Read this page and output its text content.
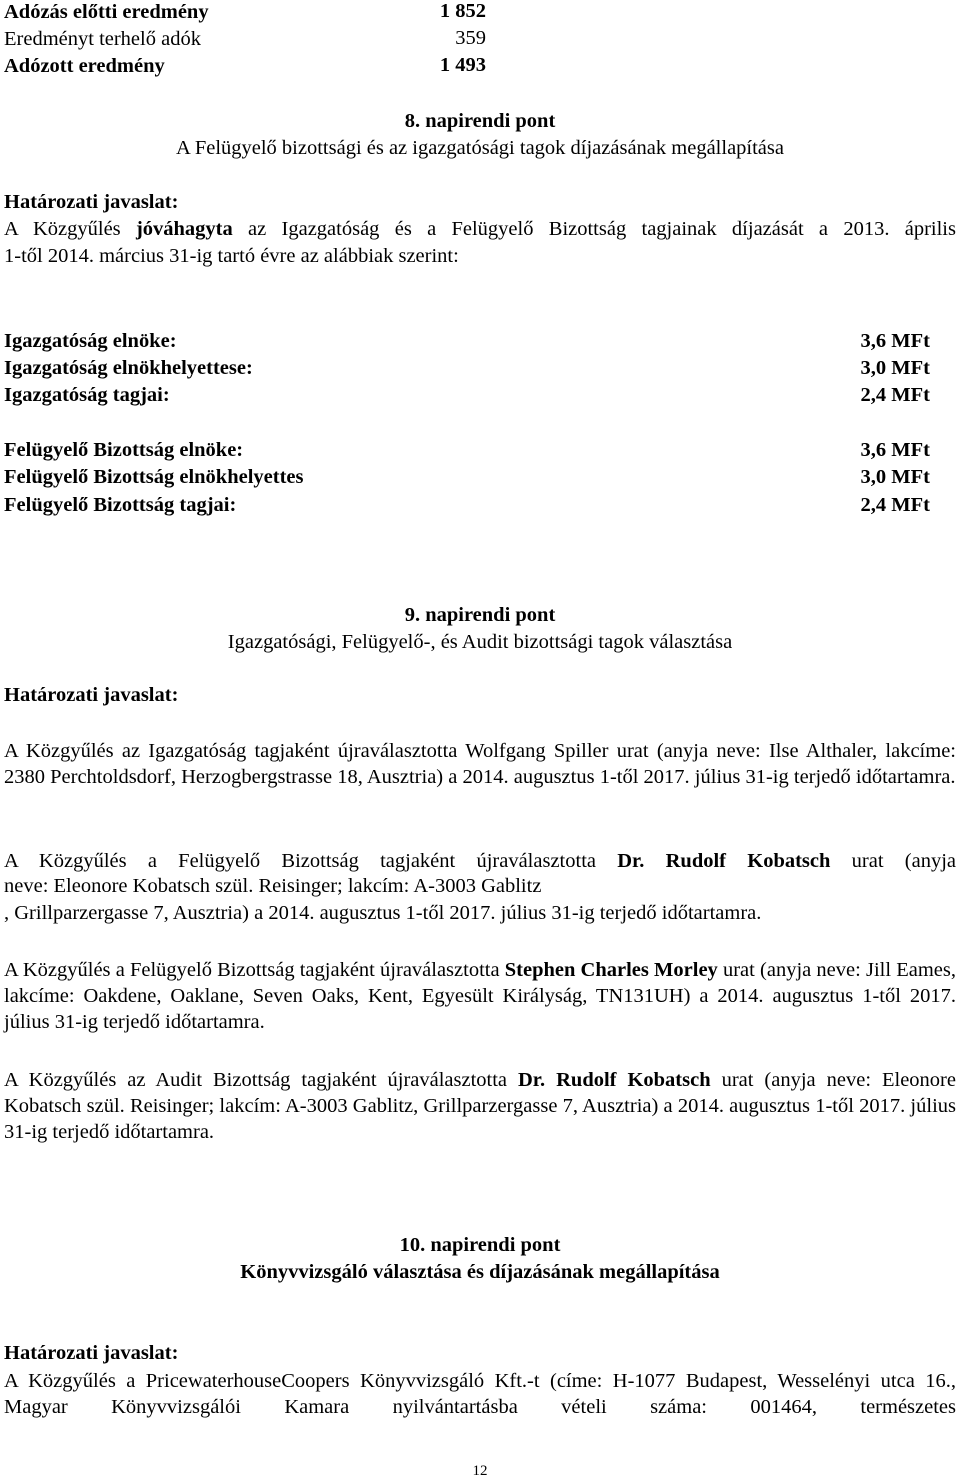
Adózás előtti eredmény	1 852
Eredményt terhelő adók	359
Adózott eredmény	1 493
8. napirendi pont
A Felügyelő bizottsági és az igazgatósági tagok díjazásának megállapítása
Határozati javaslat:
A Közgyűlés jóváhagyta az Igazgatóság és a Felügyelő Bizottság tagjainak díjazását a 2013. április
1-től 2014. március 31-ig tartó évre az alábbiak szerint:
Igazgatóság elnöke:	3,6 MFt
Igazgatóság elnökhelyettese:	3,0 MFt
Igazgatóság tagjai:	2,4 MFt
Felügyelő Bizottság elnöke:	3,6 MFt
Felügyelő Bizottság elnökhelyettes	3,0 MFt
Felügyelő Bizottság tagjai:	2,4 MFt
9. napirendi pont
Igazgatósági, Felügyelő-, és Audit bizottsági tagok választása
Határozati javaslat:
A Közgyűlés az Igazgatóság tagjaként újraválasztotta Wolfgang Spiller urat (anyja neve: Ilse Althaler, lakcíme: 2380 Perchtoldsdorf, Herzogbergstrasse 18, Ausztria) a 2014. augusztus 1-től 2017. július 31-ig terjedő időtartamra.
A Közgyűlés a Felügyelő Bizottság tagjaként újraválasztotta Dr. Rudolf Kobatsch urat (anyja
neve: Eleonore Kobatsch szül. Reisinger; lakcím: A-3003 Gablitz
, Grillparzergasse 7, Ausztria) a 2014. augusztus 1-től 2017. július 31-ig terjedő időtartamra.
A Közgyűlés a Felügyelő Bizottság tagjaként újraválasztotta Stephen Charles Morley urat (anyja neve: Jill Eames, lakcíme: Oakdene, Oaklane, Seven Oaks, Kent, Egyesült Királyság, TN131UH) a 2014. augusztus 1-től 2017. július 31-ig terjedő időtartamra.
A Közgyűlés az Audit Bizottság tagjaként újraválasztotta Dr. Rudolf Kobatsch urat (anyja neve: Eleonore Kobatsch szül. Reisinger; lakcím: A-3003 Gablitz, Grillparzergasse 7, Ausztria) a 2014. augusztus 1-től 2017. július 31-ig terjedő időtartamra.
10. napirendi pont
Könyvvizsgáló választása és díjazásának megállapítása
Határozati javaslat:
A Közgyűlés a PricewaterhouseCoopers Könyvvizsgáló Kft.-t (címe: H-1077 Budapest, Wesselényi utca 16., Magyar Könyvvizsgálói Kamara nyilvántartásba vételi száma: 001464, természetes
12
